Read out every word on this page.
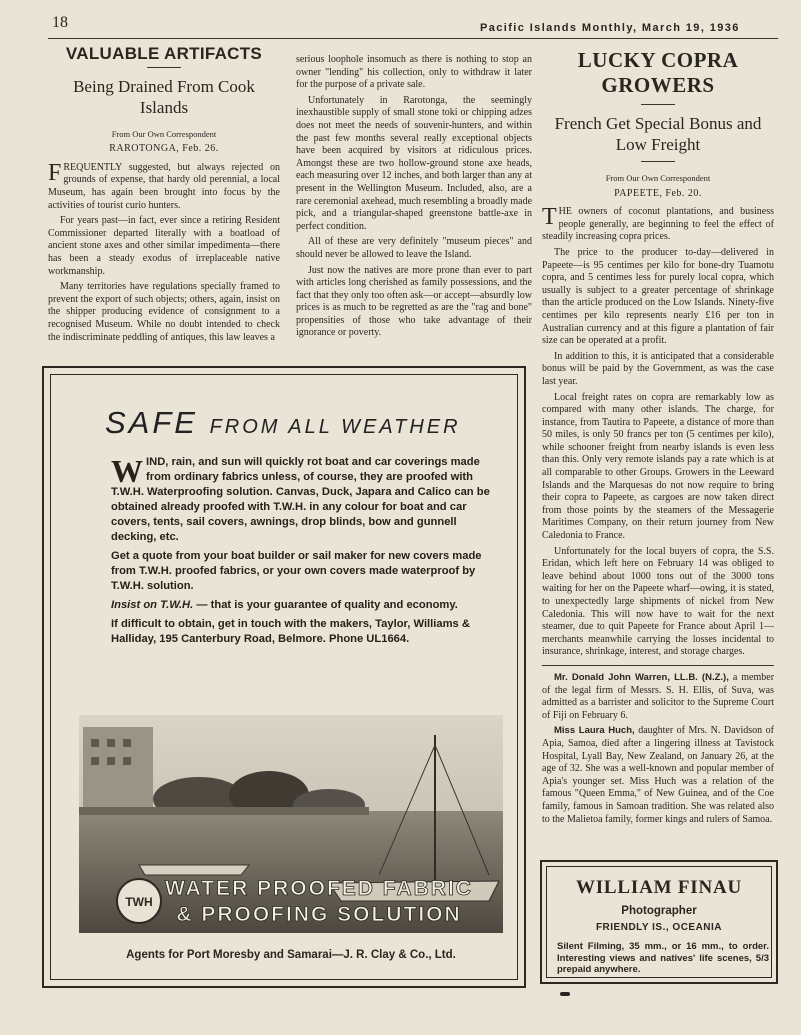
18	Pacific Islands Monthly, March 19, 1936
VALUABLE ARTIFACTS
Being Drained From Cook Islands
From Our Own Correspondent
RAROTONGA, Feb. 26.

FREQUENTLY suggested, but always rejected on grounds of expense, that hardy old perennial, a local Museum, has again been brought into focus by the activities of tourist curio hunters.

For years past—in fact, ever since a retiring Resident Commissioner departed literally with a boatload of ancient stone axes and other similar impedimenta—there has been a steady exodus of irreplaceable native workmanship.

Many territories have regulations specially framed to prevent the export of such objects; others, again, insist on the shipper producing evidence of consignment to a recognised Museum. While no doubt intended to check the indiscriminate peddling of antiques, this law leaves a

serious loophole insomuch as there is nothing to stop an owner "lending" his collection, only to withdraw it later for the purpose of a private sale.

Unfortunately in Rarotonga, the seemingly inexhaustible supply of small stone toki or chipping adzes does not meet the needs of souvenir-hunters, and within the past few months several really exceptional objects have been acquired by visitors at ridiculous prices. Amongst these are two hollow-ground stone axe heads, each measuring over 12 inches, and both larger than any at present in the Wellington Museum. Included, also, are a rare ceremonial axehead, much resembling a broadly made pick, and a triangular-shaped greenstone battle-axe in perfect condition.

All of these are very definitely "museum pieces" and should never be allowed to leave the Island.

Just now the natives are more prone than ever to part with articles long cherished as family possessions, and the fact that they only too often ask—or accept—absurdly low prices is as much to be regretted as are the "rag and bone" propensities of those who take advantage of their ignorance or poverty.

LUCKY COPRA GROWERS
French Get Special Bonus and Low Freight
From Our Own Correspondent
PAPEETE, Feb. 20.

THE owners of coconut plantations, and business people generally, are beginning to feel the effect of steadily increasing copra prices.

The price to the producer to-day—delivered in Papeete—is 95 centimes per kilo for bone-dry Tuamotu copra, and 5 centimes less for purely local copra, which usually is subject to a greater percentage of shrinkage than the article produced on the Low Islands. Ninety-five centimes per kilo represents nearly £16 per ton in Australian currency and at this figure a plantation of fair size can be operated at a profit.

In addition to this, it is anticipated that a considerable bonus will be paid by the Government, as was the case last year.

Local freight rates on copra are remarkably low as compared with many other islands. The charge, for instance, from Tautira to Papeete, a distance of more than 50 miles, is only 50 francs per ton (5 centimes per kilo), while schooner freight from nearby islands is even less than this. Only very remote islands pay a rate which is at all comparable to other Groups. Growers in the Leeward Islands and the Marquesas do not now require to bring their copra to Papeete, as cargoes are now taken direct from those points by the steamers of the Messagerie Maritimes Company, on their return journey from New Caledonia to France.

Unfortunately for the local buyers of copra, the S.S. Eridan, which left here on February 14 was obliged to leave behind about 1000 tons out of the 3000 tons waiting for her on the Papeete wharf—owing, it is stated, to unexpectedly large shipments of nickel from New Caledonia. This will now have to wait for the next steamer, due to quit Papeete for France about April 1—merchants meanwhile carrying the losses incidental to insurance, shrinkage, interest, and storage charges.

Mr. Donald John Warren, LL.B. (N.Z.), a member of the legal firm of Messrs. S. H. Ellis, of Suva, was admitted as a barrister and solicitor to the Supreme Court of Fiji on February 6.

Miss Laura Huch, daughter of Mrs. N. Davidson of Apia, Samoa, died after a lingering illness at Tavistock Hospital, Lyall Bay, New Zealand, on January 26, at the age of 32. She was a well-known and popular member of Apia's younger set. Miss Huch was a relation of the famous "Queen Emma," of New Guinea, and of the Coe family, famous in Samoan tradition. She was related also to the Malietoa family, former kings and rulers of Samoa.

SAFE FROM ALL WEATHER

WIND, rain, and sun will quickly rot boat and car coverings made from ordinary fabrics unless, of course, they are proofed with T.W.H. Waterproofing solution. Canvas, Duck, Japara and Calico can be obtained already proofed with T.W.H. in any colour for boat and car covers, tents, sail covers, awnings, drop blinds, bow and gunnell decking, etc.

Get a quote from your boat builder or sail maker for new covers made from T.W.H. proofed fabrics, or your own covers made waterproof by T.W.H. solution.

Insist on T.W.H. — that is your guarantee of quality and economy.

If difficult to obtain, get in touch with the makers, Taylor, Williams & Halliday, 195 Canterbury Road, Belmore. Phone UL1664.

TWH
WATER PROOFED FABRIC
& PROOFING SOLUTION
Agents for Port Moresby and Samarai—J. R. Clay & Co., Ltd.
WILLIAM FINAU
Photographer
FRIENDLY IS., OCEANIA
Silent Filming, 35 mm., or 16 mm., to order. Interesting views and natives' life scenes, 5/3 prepaid anywhere.
